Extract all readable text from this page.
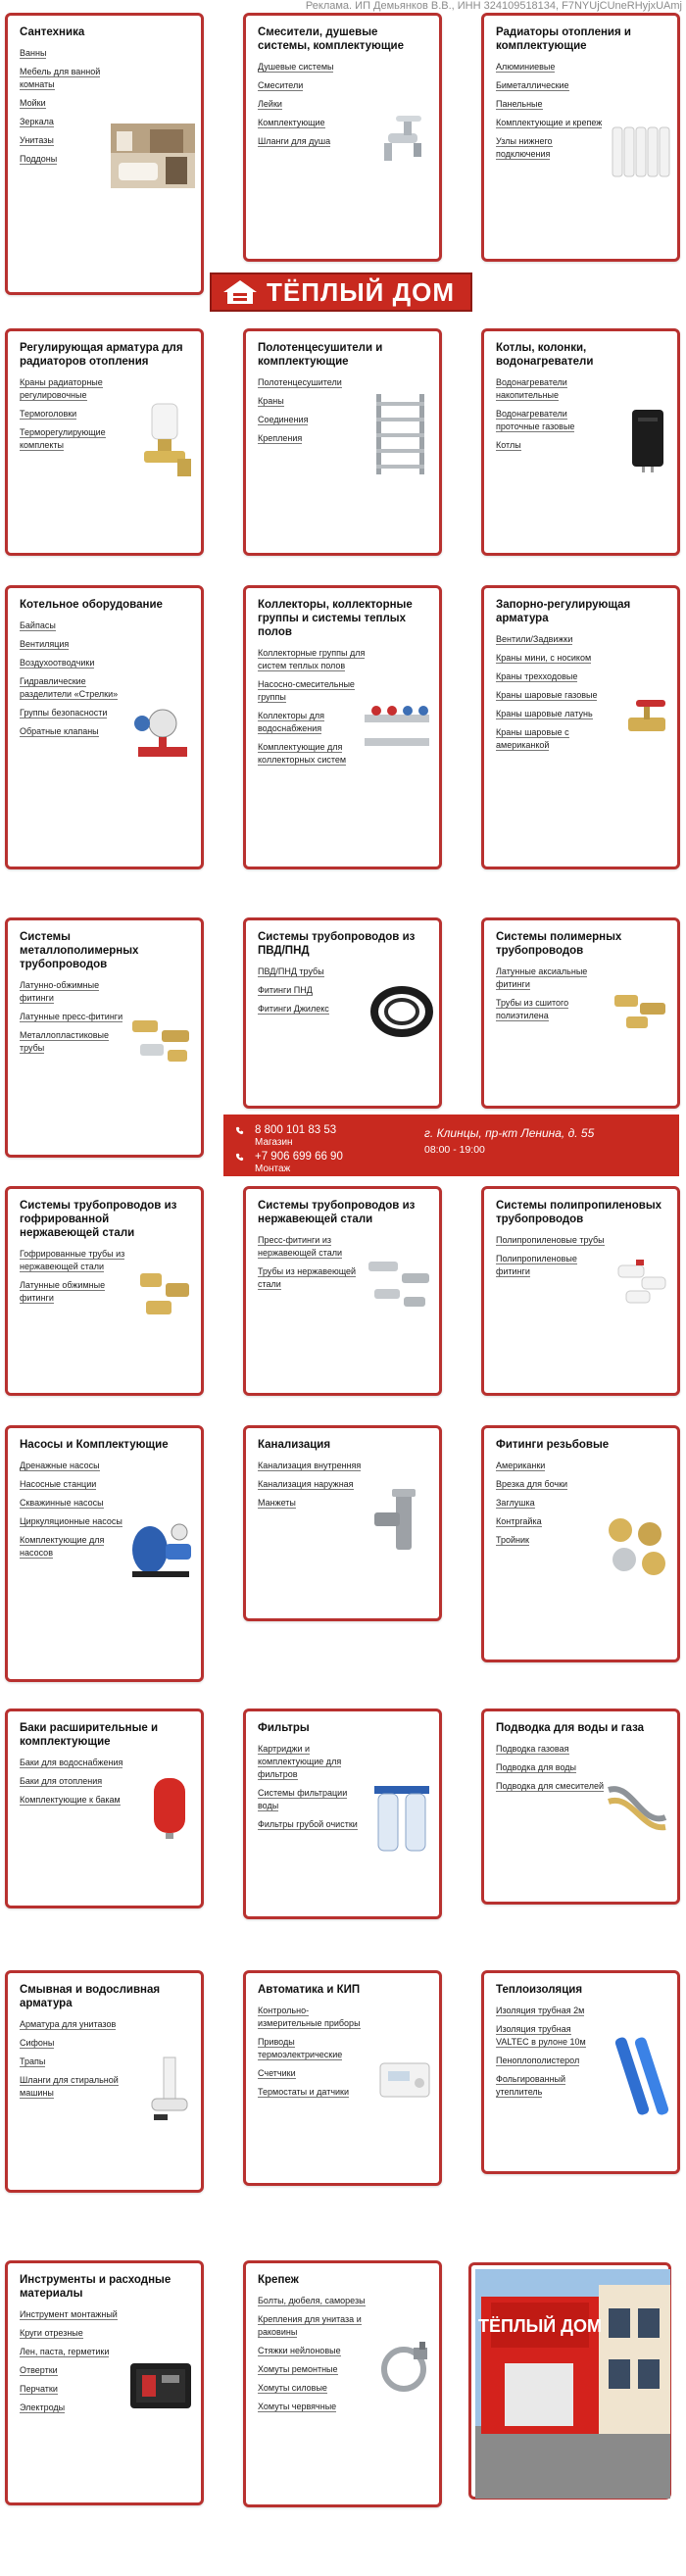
Реклама. ИП Демьянков В.В., ИНН 324109518134, F7NYUjCUneRHyjxUAmj
Сантехника
Ванны
Мебель для ванной комнаты
Мойки
Зеркала
Унитазы
Поддоны
Смесители, душевые системы, комплектующие
Душевые системы
Смесители
Лейки
Комплектующие
Шланги для душа
Радиаторы отопления и комплектующие
Алюминиевые
Биметаллические
Панельные
Комплектующие и крепеж
Узлы нижнего подключения
ТЁПЛЫЙ ДОМ
Регулирующая арматура для радиаторов отопления
Краны радиаторные регулировочные
Термоголовки
Терморегулирующие комплекты
Полотенцесушители и комплектующие
Полотенцесушители
Краны
Соединения
Крепления
Котлы, колонки, водонагреватели
Водонагреватели накопительные
Водонагреватели проточные газовые
Котлы
Котельное оборудование
Байпасы
Вентиляция
Воздухоотводчики
Гидравлические разделители «Стрелки»
Группы безопасности
Обратные клапаны
Коллекторы, коллекторные группы и системы теплых полов
Коллекторные группы для систем теплых полов
Насосно-смесительные группы
Коллекторы для водоснабжения
Комплектующие для коллекторных систем
Запорно-регулирующая арматура
Вентили/Задвижки
Краны мини, с носиком
Краны трехходовые
Краны шаровые газовые
Краны шаровые латунь
Краны шаровые с американкой
Системы металлополимерных трубопроводов
Латунно-обжимные фитинги
Латунные пресс-фитинги
Металлопластиковые трубы
Системы трубопроводов из ПВД/ПНД
ПВД/ПНД трубы
Фитинги ПНД
Фитинги Джилекс
Системы полимерных трубопроводов
Латунные аксиальные фитинги
Трубы из сшитого полиэтилена
8 800 101 83 53
Магазин
+7 906 699 66 90
Монтаж
г. Клинцы, пр-кт Ленина, д. 55
08:00 - 19:00
Системы трубопроводов из гофрированной нержавеющей стали
Гофрированные трубы из нержавеющей стали
Латунные обжимные фитинги
Системы трубопроводов из нержавеющей стали
Пресс-фитинги из нержавеющей стали
Трубы из нержавеющей стали
Системы полипропиленовых трубопроводов
Полипропиленовые трубы
Полипропиленовые фитинги
Насосы и Комплектующие
Дренажные насосы
Насосные станции
Скважинные насосы
Циркуляционные насосы
Комплектующие для насосов
Канализация
Канализация внутренняя
Канализация наружная
Манжеты
Фитинги резьбовые
Американки
Врезка для бочки
Заглушка
Контргайка
Тройник
Баки расширительные и комплектующие
Баки для водоснабжения
Баки для отопления
Комплектующие к бакам
Фильтры
Картриджи и комплектующие для фильтров
Системы фильтрации воды
Фильтры грубой очистки
Подводка для воды и газа
Подводка газовая
Подводка для воды
Подводка для смесителей
Смывная и водосливная арматура
Арматура для унитазов
Сифоны
Трапы
Шланги для стиральной машины
Автоматика и КИП
Контрольно-измерительные приборы
Приводы термоэлектрические
Счетчики
Термостаты и датчики
Теплоизоляция
Изоляция трубная 2м
Изоляция трубная VALTEC в рулоне 10м
Пеноплополистерол
Фольгированный утеплитель
Инструменты и расходные материалы
Инструмент монтажный
Круги отрезные
Лен, паста, герметики
Отвертки
Перчатки
Электроды
Крепеж
Болты, дюбеля, саморезы
Крепления для унитаза и раковины
Стяжки нейлоновые
Хомуты ремонтные
Хомуты силовые
Хомуты червячные
ТЁПЛЫЙ ДОМ
